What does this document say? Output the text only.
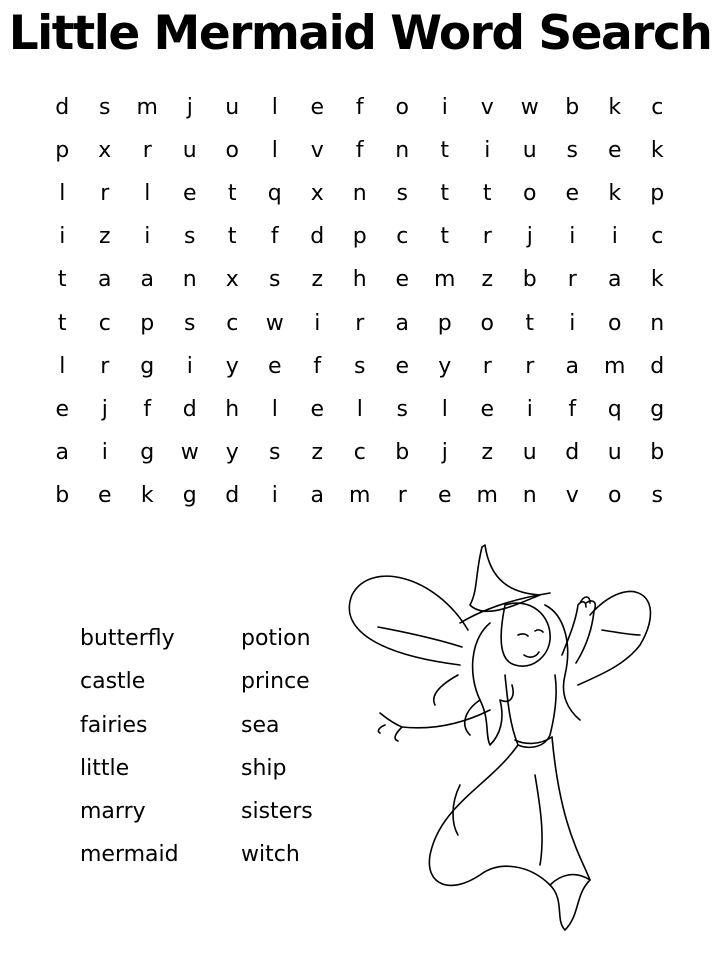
Little Mermaid Word Search
d	s	m	j	u	l	e	f	o	i	v	w	b	k	c
p	x	r	u	o	l	v	f	n	t	i	u	s	e	k
l	r	l	e	t	q	x	n	s	t	t	o	e	k	p
i	z	i	s	t	f	d	p	c	t	r	j	i	i	c
t	a	a	n	x	s	z	h	e	m	z	b	r	a	k
t	c	p	s	c	w	i	r	a	p	o	t	i	o	n
l	r	g	i	y	e	f	s	e	y	r	r	a	m	d
e	j	f	d	h	l	e	l	s	l	e	i	f	q	g
a	i	g	w	y	s	z	c	b	j	z	u	d	u	b
b	e	k	g	d	i	a	m	r	e	m	n	v	o	s
butterfly
castle
fairies
little
marry
mermaid
potion
prince
sea
ship
sisters
witch
